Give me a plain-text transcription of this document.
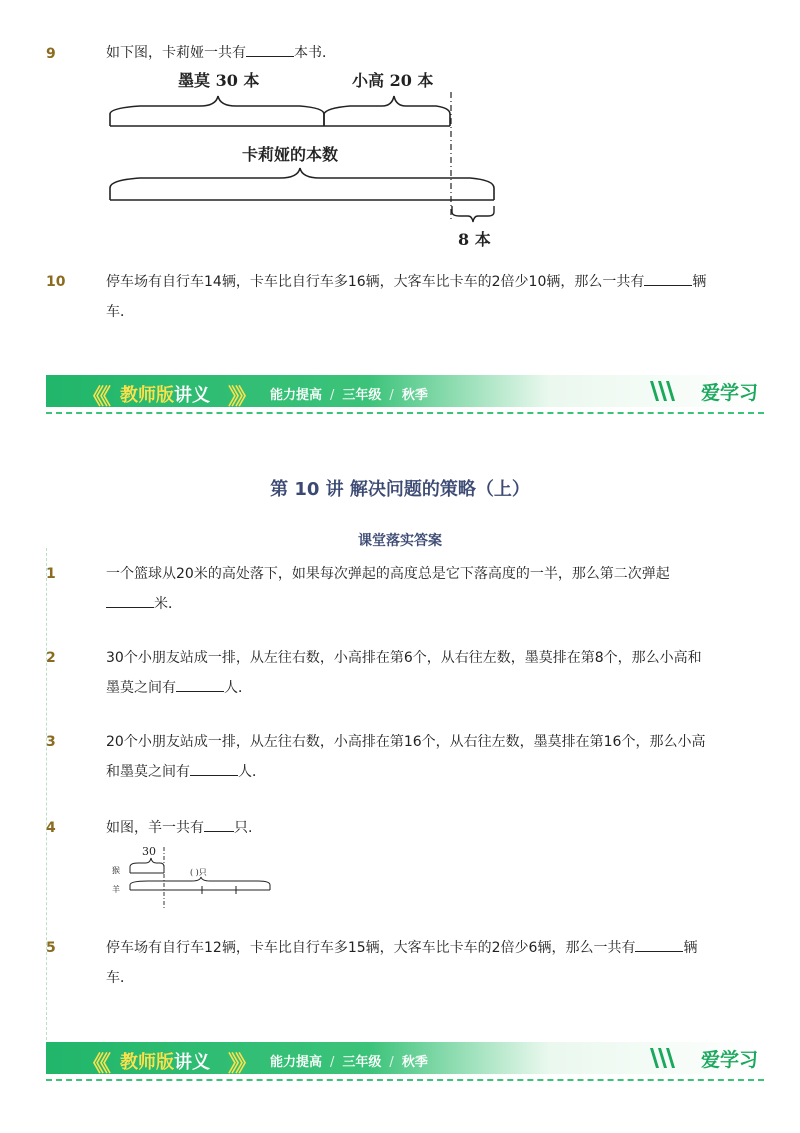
9	如下图，卡莉娅一共有	本书．
墨莫 30 本	小高 20 本
卡莉娅的本数
8 本
10	停车场有自行车14辆，卡车比自行车多16辆，大客车比卡车的2倍少10辆，那么一共有	辆
车．
《《 教师版讲义 》》 能力提高 / 三年级 / 秋季	爱学习
第 10 讲 解决问题的策略（上）
课堂落实答案
1	一个篮球从20米的高处落下，如果每次弹起的高度总是它下落高度的一半，那么第二次弹起
米．
2	30个小朋友站成一排，从左往右数，小高排在第6个，从右往左数，墨莫排在第8个，那么小高和
墨莫之间有	人．
3	20个小朋友站成一排，从左往右数，小高排在第16个，从右往左数，墨莫排在第16个，那么小高
和墨莫之间有	人．
4	如图，羊一共有 只.
30
猴
羊
( )只
5	停车场有自行车12辆，卡车比自行车多15辆，大客车比卡车的2倍少6辆，那么一共有	辆
车．
《《 教师版讲义 》》 能力提高 / 三年级 / 秋季	爱学习
